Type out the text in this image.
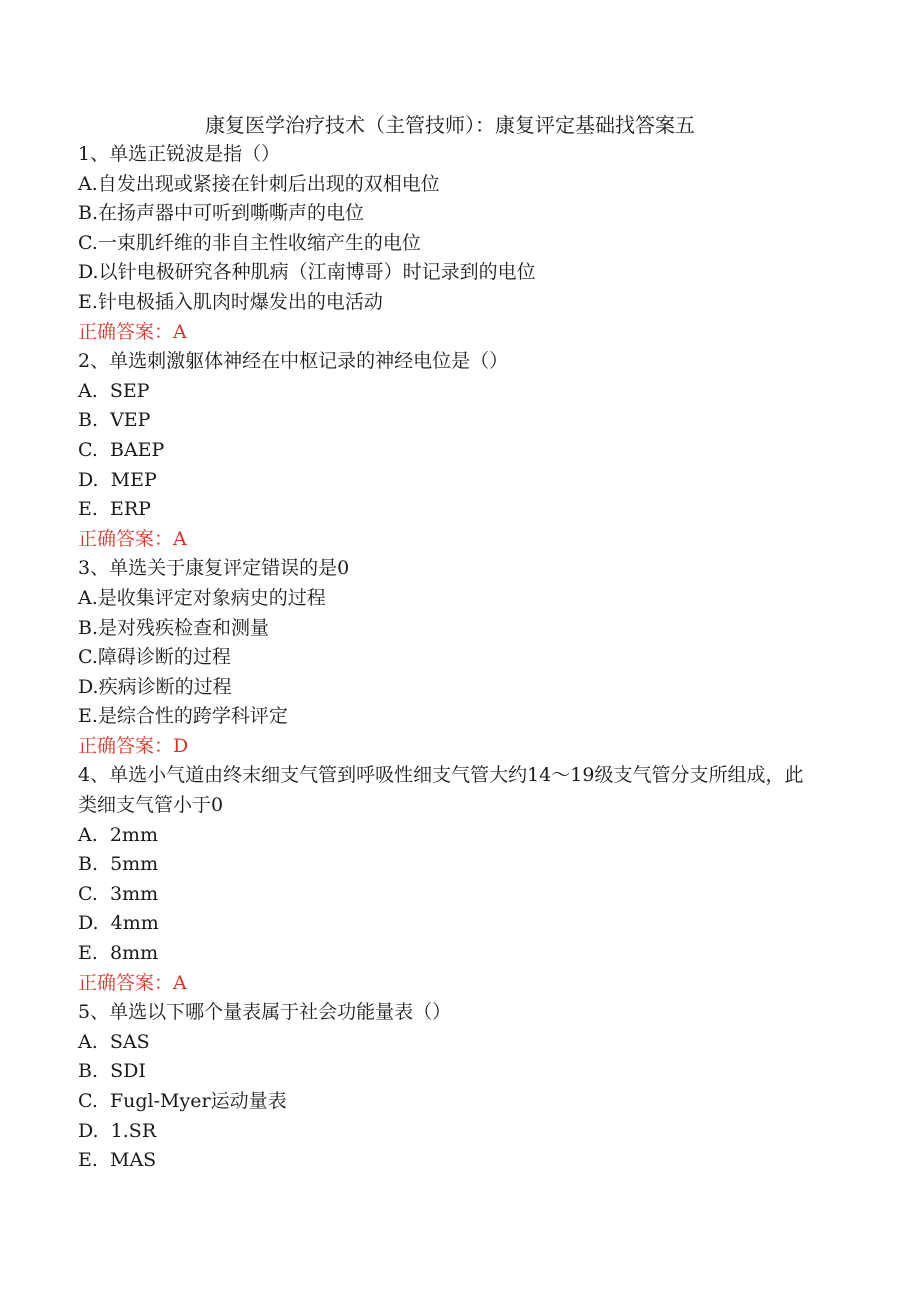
康复医学治疗技术（主管技师）：康复评定基础找答案五
1、单选正锐波是指（）
A.自发出现或紧接在针刺后出现的双相电位
B.在扬声器中可听到嘶嘶声的电位
C.一束肌纤维的非自主性收缩产生的电位
D.以针电极研究各种肌病（江南博哥）时记录到的电位
E.针电极插入肌肉时爆发出的电活动
正确答案：A
2、单选刺激躯体神经在中枢记录的神经电位是（）
A.  SEP
B.  VEP
C.  BAEP
D.  MEP
E.  ERP
正确答案：A
3、单选关于康复评定错误的是0
A.是收集评定对象病史的过程
B.是对残疾检查和测量
C.障碍诊断的过程
D.疾病诊断的过程
E.是综合性的跨学科评定
正确答案：D
4、单选小气道由终末细支气管到呼吸性细支气管大约14～19级支气管分支所组成，此类细支气管小于0
A.  2mm
B.  5mm
C.  3mm
D.  4mm
E.  8mm
正确答案：A
5、单选以下哪个量表属于社会功能量表（）
A.  SAS
B.  SDI
C.  Fugl-Myer运动量表
D.  1.SR
E.  MAS
